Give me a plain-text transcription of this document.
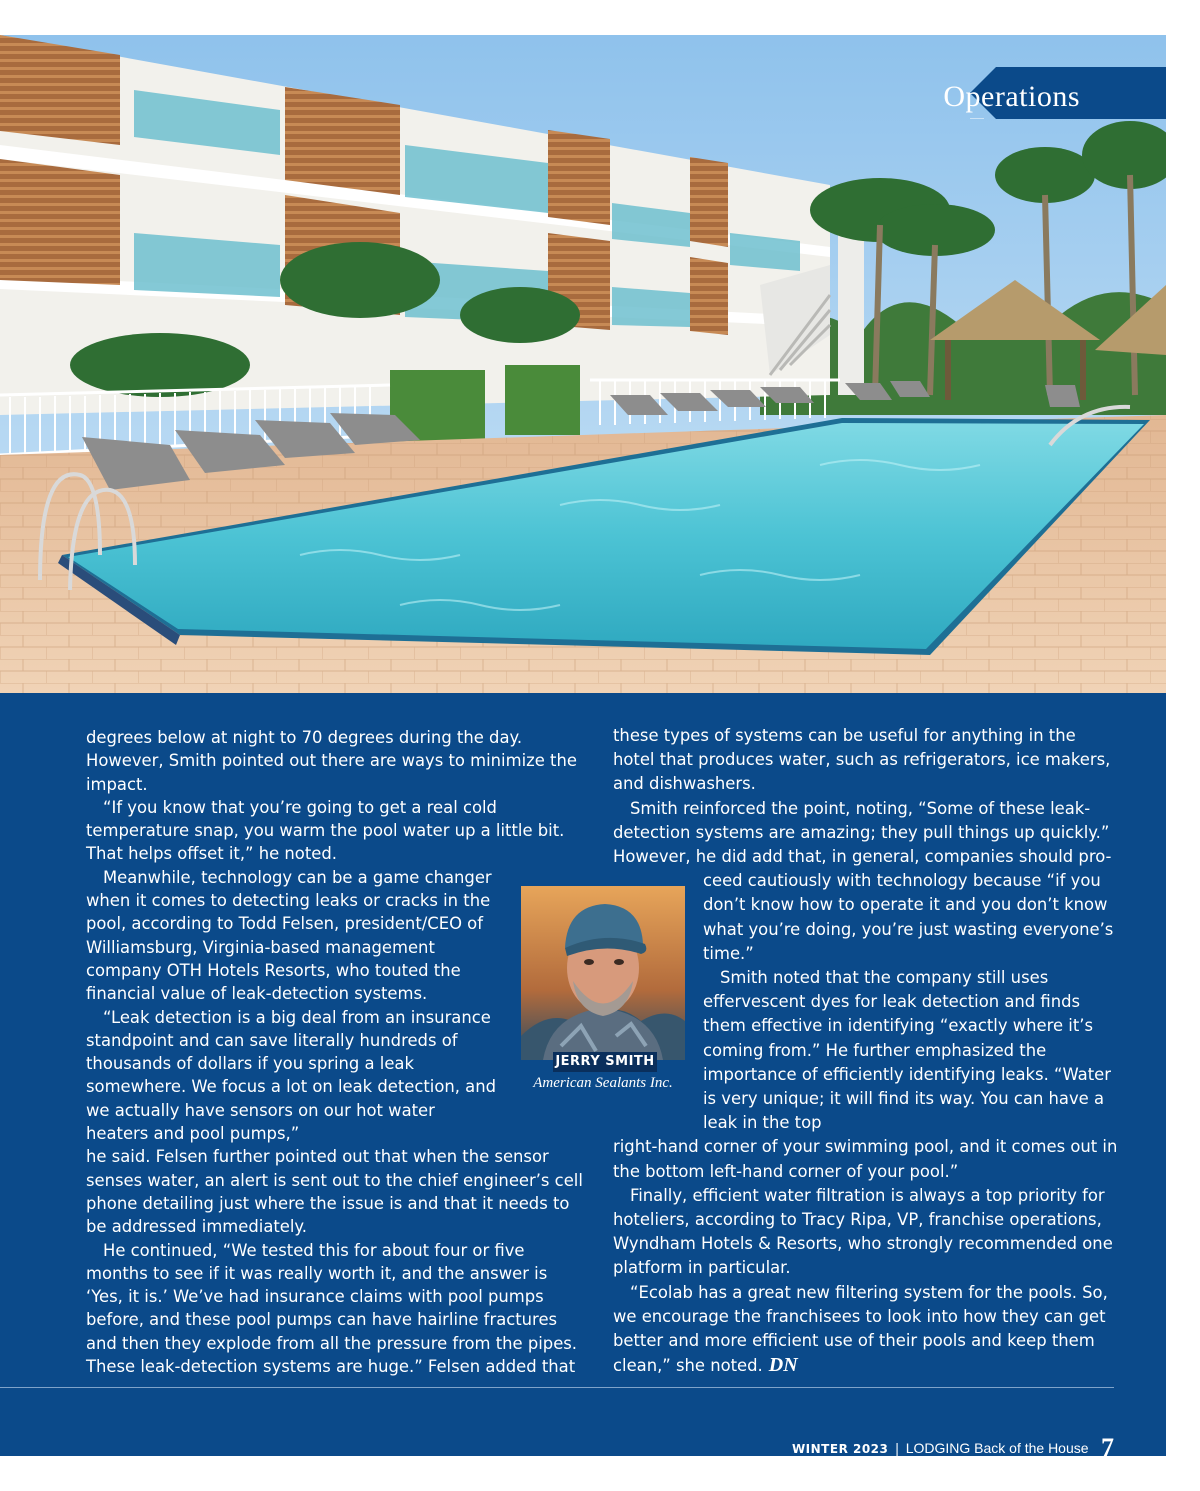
Operations

degrees below at night to 70 degrees during the day. However, Smith pointed out there are ways to minimize the impact.

“If you know that you’re going to get a real cold temperature snap, you warm the pool water up a little bit. That helps offset it,” he noted.

Meanwhile, technology can be a game changer when it comes to detecting leaks or cracks in the pool, according to Todd Felsen, president/CEO of Williamsburg, Virginia-based management company OTH Hotels Resorts, who touted the financial value of leak-detection systems.

“Leak detection is a big deal from an insurance standpoint and can save literally hundreds of thousands of dollars if you spring a leak somewhere. We focus a lot on leak detection, and we actually have sensors on our hot water heaters and pool pumps,”

he said. Felsen further pointed out that when the sensor senses water, an alert is sent out to the chief engineer’s cell phone detailing just where the issue is and that it needs to be addressed immediately.

He continued, “We tested this for about four or five months to see if it was really worth it, and the answer is ‘Yes, it is.’ We’ve had insurance claims with pool pumps before, and these pool pumps can have hairline fractures and then they explode from all the pressure from the pipes. These leak-detection systems are huge.” Felsen added that

JERRY SMITH
American Sealants Inc.

these types of systems can be useful for anything in the hotel that produces water, such as refrigerators, ice makers, and dishwashers.

Smith reinforced the point, noting, “Some of these leak-detection systems are amazing; they pull things up quickly.” However, he did add that, in general, companies should pro-

ceed cautiously with technology because “if you don’t know how to operate it and you don’t know what you’re doing, you’re just wasting everyone’s time.”

Smith noted that the company still uses effervescent dyes for leak detection and finds them effective in identifying “exactly where it’s coming from.” He further emphasized the importance of efficiently identifying leaks. “Water is very unique; it will find its way. You can have a leak in the top

right-hand corner of your swimming pool, and it comes out in the bottom left-hand corner of your pool.”

Finally, efficient water filtration is always a top priority for hoteliers, according to Tracy Ripa, VP, franchise operations, Wyndham Hotels & Resorts, who strongly recommended one platform in particular.

“Ecolab has a great new filtering system for the pools. So, we encourage the franchisees to look into how they can get better and more efficient use of their pools and keep them clean,” she noted. DN

WINTER 2023 | LODGING Back of the House 7
